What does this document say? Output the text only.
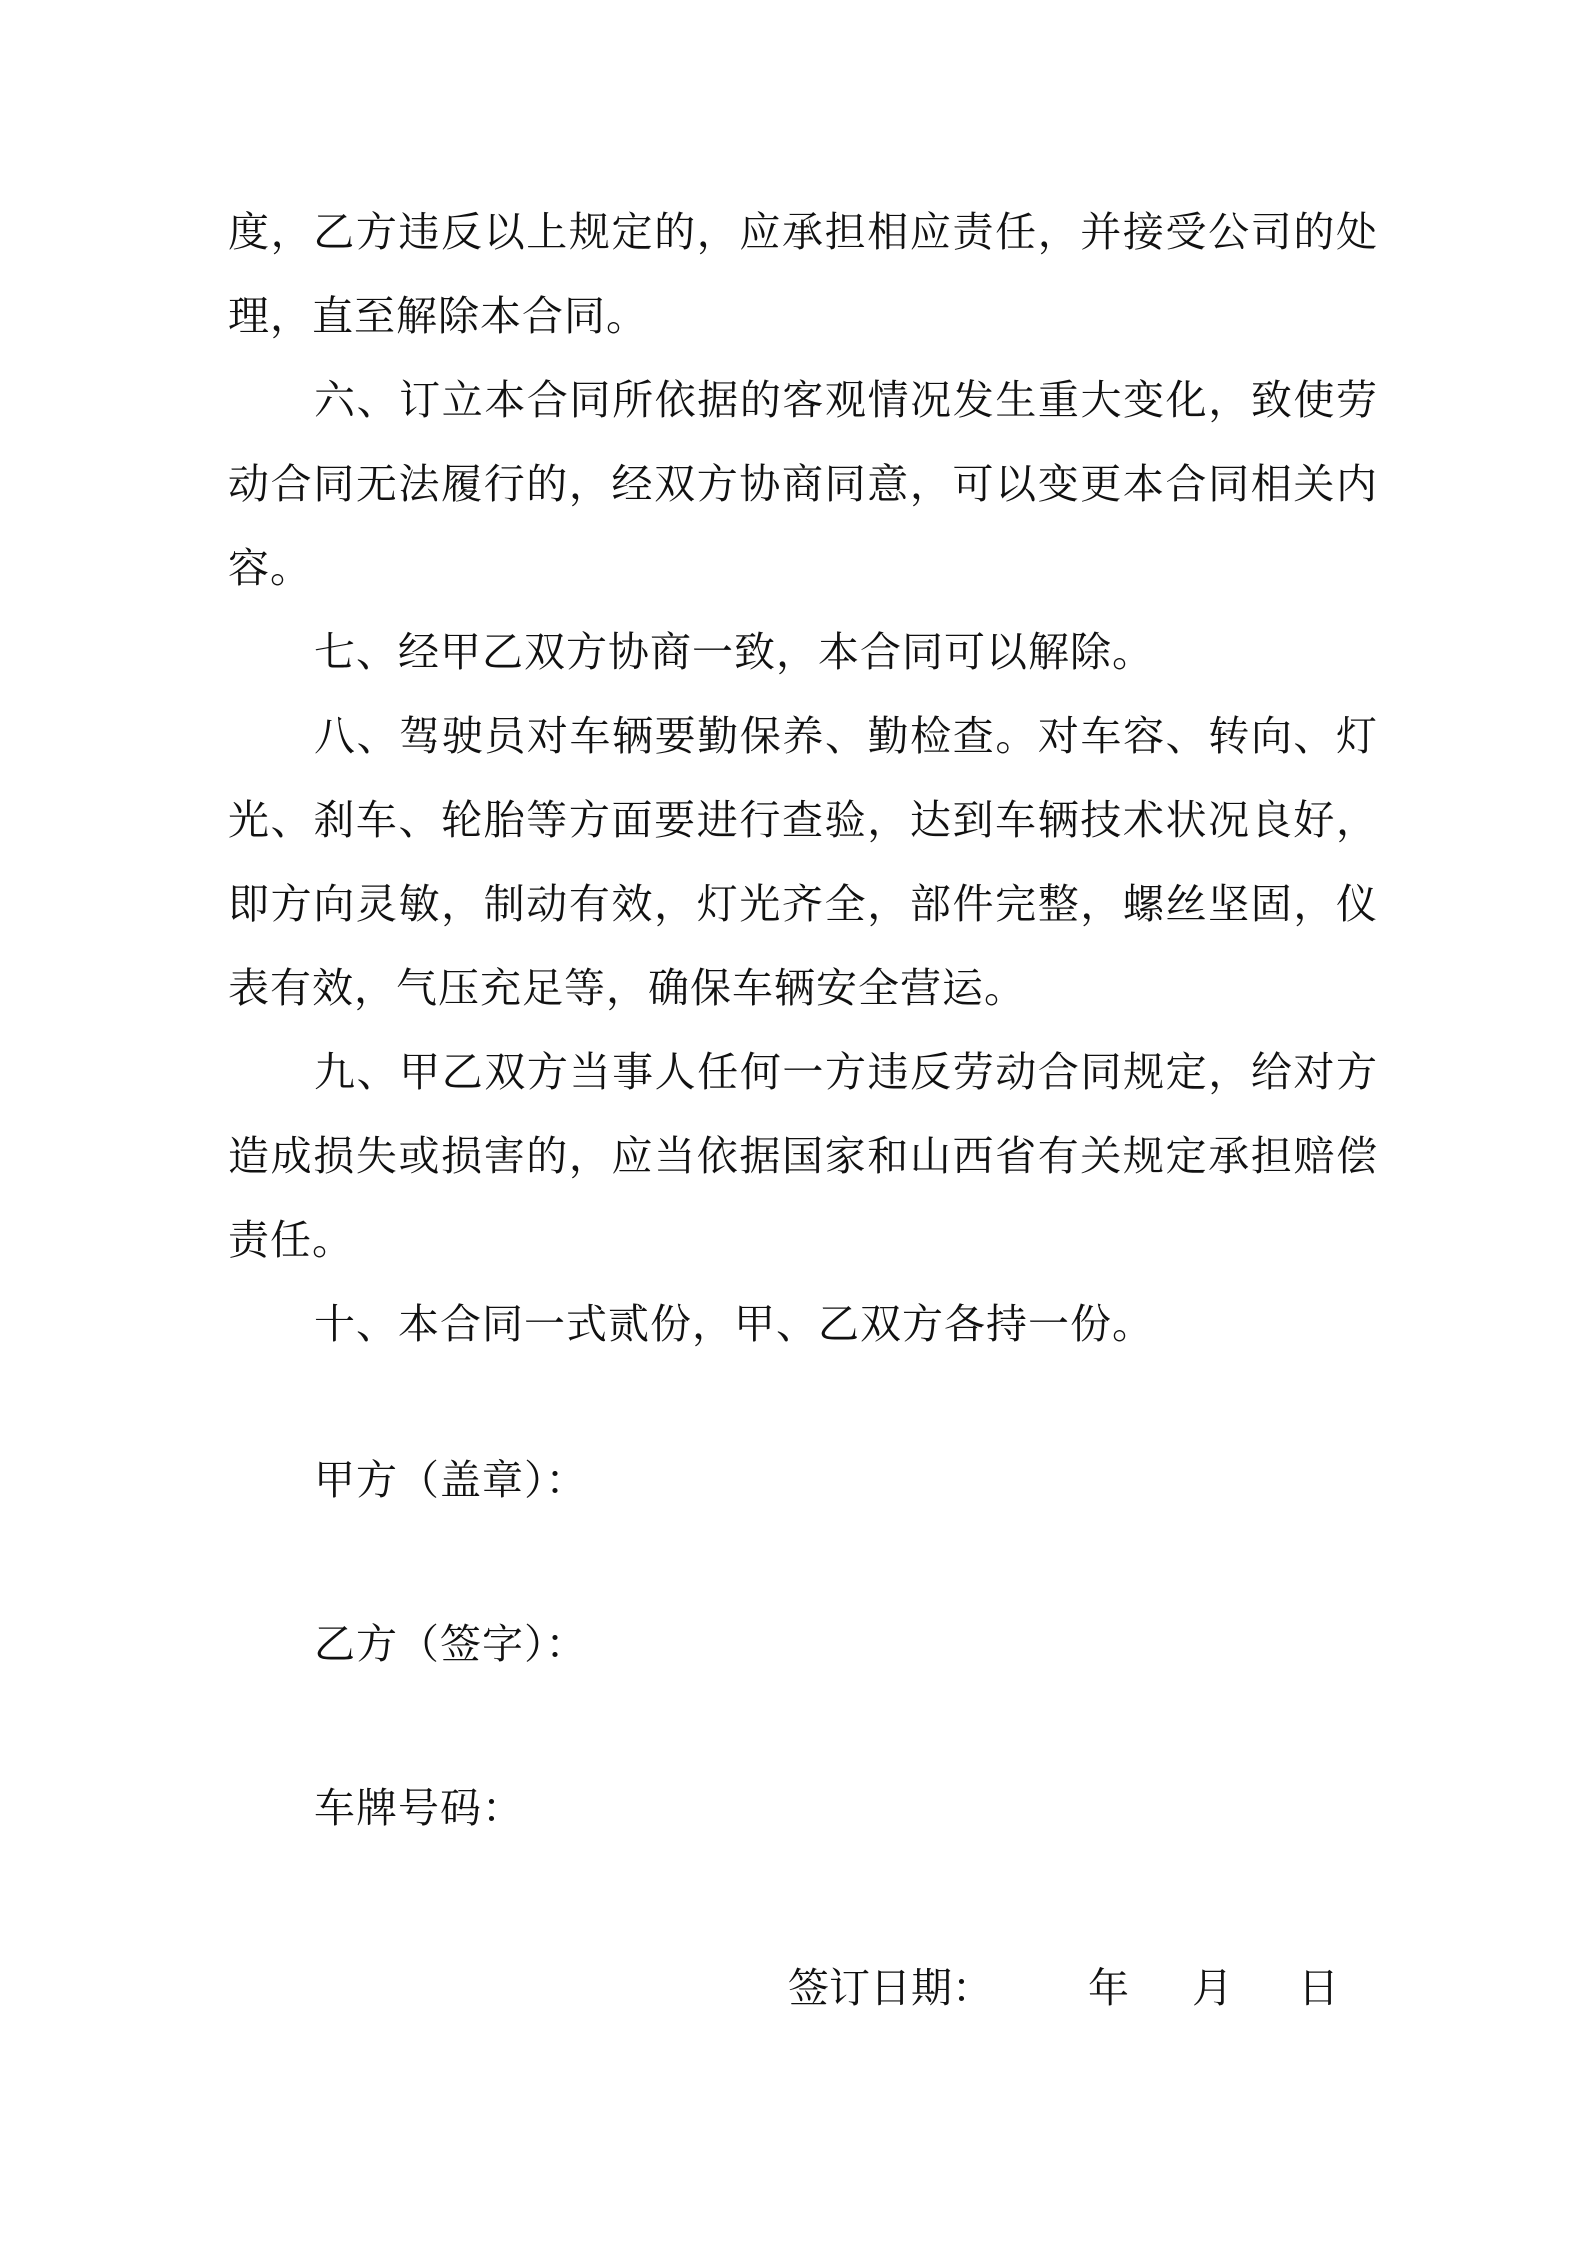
度，乙方违反以上规定的，应承担相应责任，并接受公司的处理，直至解除本合同。

六、订立本合同所依据的客观情况发生重大变化，致使劳动合同无法履行的，经双方协商同意，可以变更本合同相关内容。

七、经甲乙双方协商一致，本合同可以解除。

八、驾驶员对车辆要勤保养、勤检查。对车容、转向、灯光、刹车、轮胎等方面要进行查验，达到车辆技术状况良好，即方向灵敏，制动有效，灯光齐全，部件完整，螺丝坚固，仪表有效，气压充足等，确保车辆安全营运。

九、甲乙双方当事人任何一方违反劳动合同规定，给对方造成损失或损害的，应当依据国家和山西省有关规定承担赔偿责任。

十、本合同一式贰份，甲、乙双方各持一份。

甲方（盖章）：
乙方（签字）：
车牌号码：
签订日期： 年 月 日
